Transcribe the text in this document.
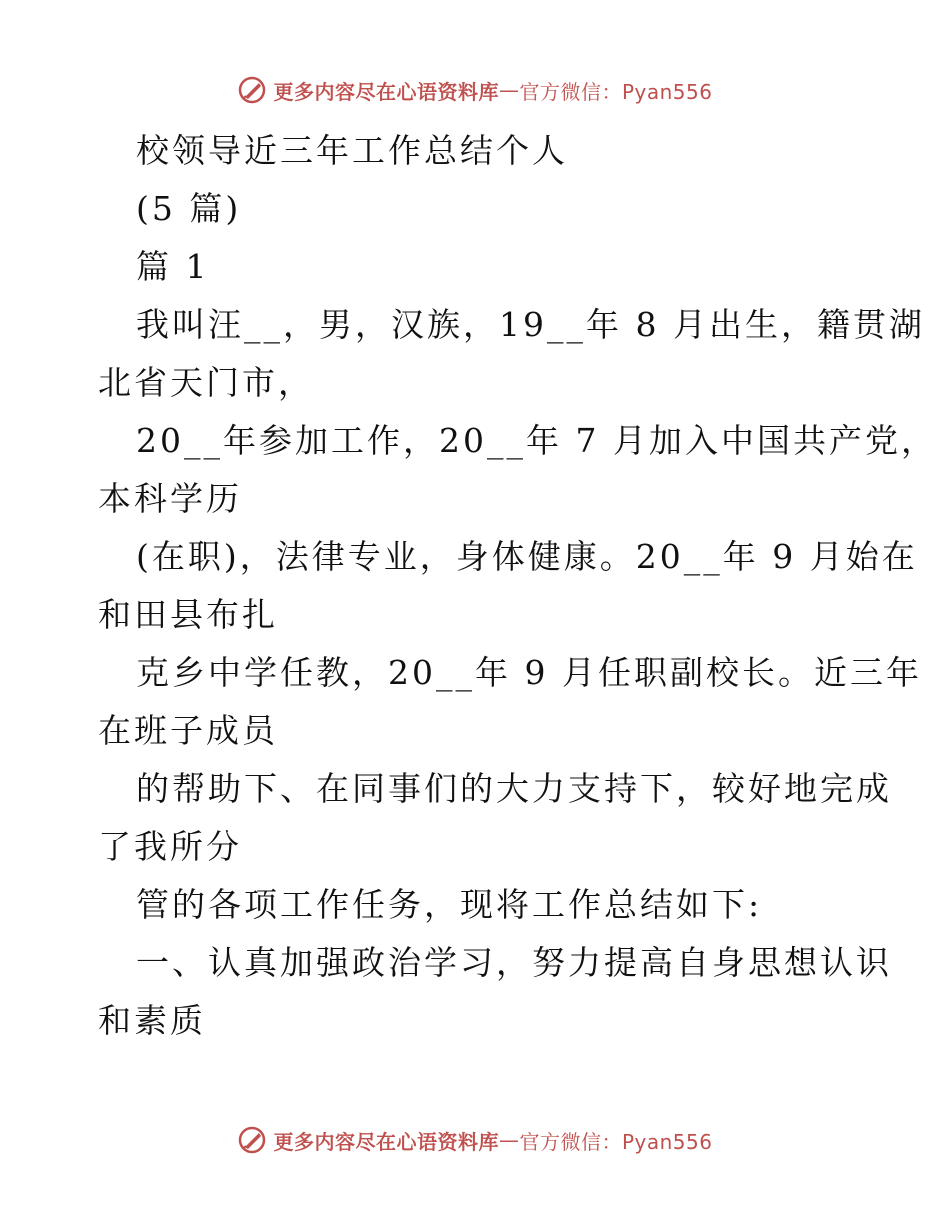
更多内容尽在心语资料库 — 官方微信：Pyan556
校领导近三年工作总结个人
(5 篇)
篇 1
我叫汪__，男，汉族，19__年 8 月出生，籍贯湖
北省天门市，
20__年参加工作，20__年 7 月加入中国共产党，
本科学历
(在职)，法律专业，身体健康。20__年 9 月始在
和田县布扎
克乡中学任教，20__年 9 月任职副校长。近三年
在班子成员
的帮助下、在同事们的大力支持下，较好地完成
了我所分
管的各项工作任务，现将工作总结如下:
一、认真加强政治学习，努力提高自身思想认识
和素质
更多内容尽在心语资料库 — 官方微信：Pyan556
